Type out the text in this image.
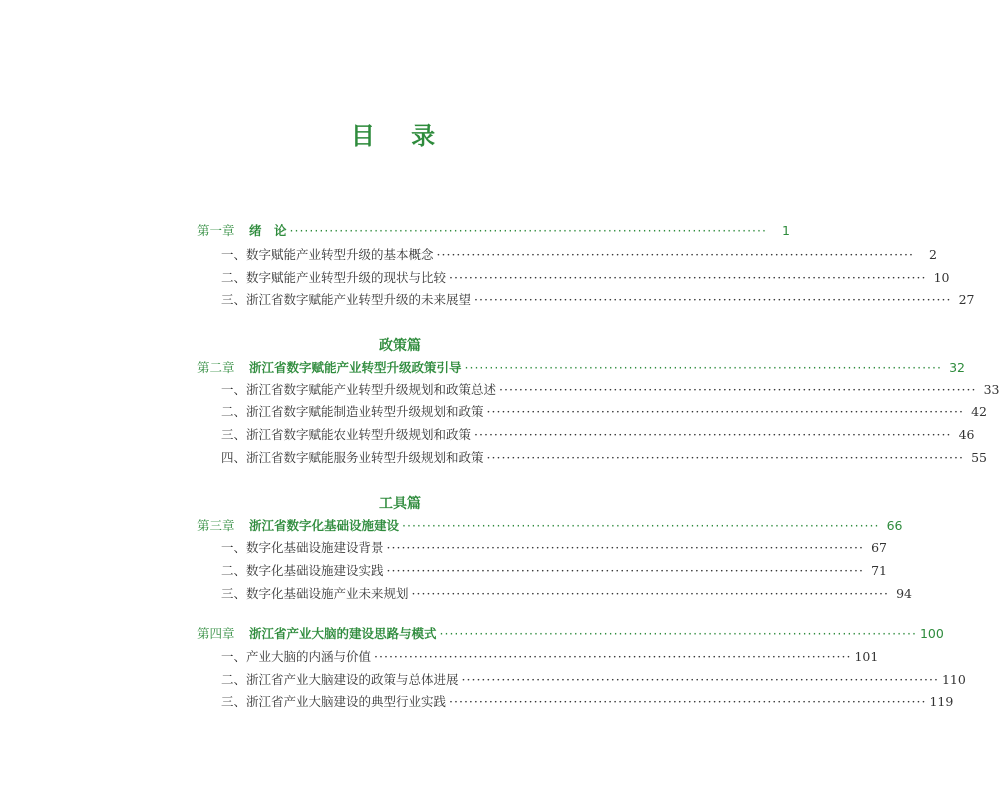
目 录
第一章	绪　论 ································································································	1
一、 数字赋能产业转型升级的基本概念 ································································································	2
二、 数字赋能产业转型升级的现状与比较 ································································································ 10
三、 浙江省数字赋能产业转型升级的未来展望 ································································································ 27
政策篇
第二章	浙江省数字赋能产业转型升级政策引导 ································································································ 32
一、 浙江省数字赋能产业转型升级规划和政策总述 ································································································ 33
二、 浙江省数字赋能制造业转型升级规划和政策 ································································································ 42
三、 浙江省数字赋能农业转型升级规划和政策 ································································································ 46
四、 浙江省数字赋能服务业转型升级规划和政策 ································································································ 55
工具篇
第三章	浙江省数字化基础设施建设 ································································································ 66
一、 数字化基础设施建设背景 ································································································ 67
二、 数字化基础设施建设实践 ································································································ 71
三、 数字化基础设施产业未来规划 ································································································ 94
第四章	浙江省产业大脑的建设思路与模式 ································································································ 100
一、 产业大脑的内涵与价值 ································································································ 101
二、 浙江省产业大脑建设的政策与总体进展 ································································································ 110
三、 浙江省产业大脑建设的典型行业实践 ································································································ 119
